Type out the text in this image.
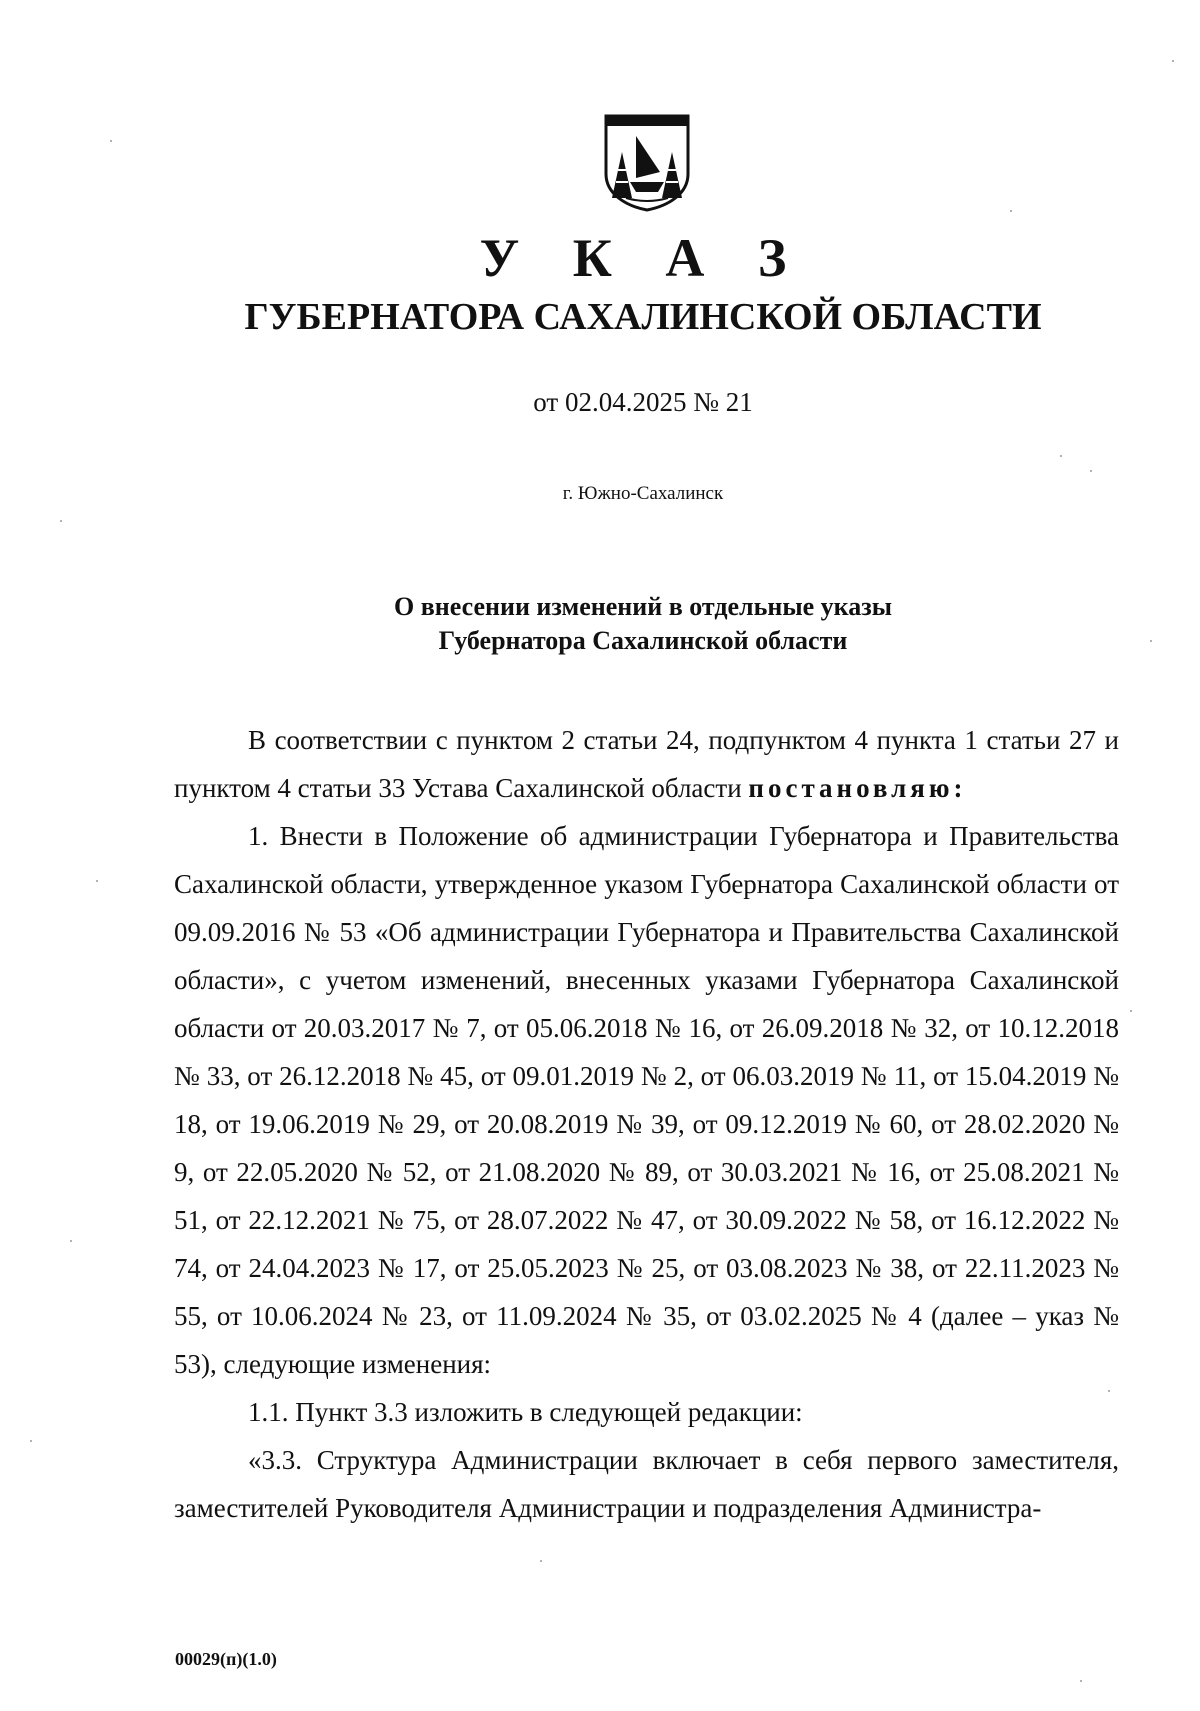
У К А З
ГУБЕРНАТОРА САХАЛИНСКОЙ ОБЛАСТИ
от 02.04.2025 № 21
г. Южно-Сахалинск
О внесении изменений в отдельные указы
Губернатора Сахалинской области

В соответствии с пунктом 2 статьи 24, подпунктом 4 пункта 1 статьи 27 и пунктом 4 статьи 33 Устава Сахалинской области постановляю:

1. Внести в Положение об администрации Губернатора и Правительства Сахалинской области, утвержденное указом Губернатора Сахалинской области от 09.09.2016 № 53 «Об администрации Губернатора и Правительства Сахалинской области», с учетом изменений, внесенных указами Губернатора Сахалинской области от 20.03.2017 № 7, от 05.06.2018 № 16, от 26.09.2018 № 32, от 10.12.2018 № 33, от 26.12.2018 № 45, от 09.01.2019 № 2, от 06.03.2019 № 11, от 15.04.2019 № 18, от 19.06.2019 № 29, от 20.08.2019 № 39, от 09.12.2019 № 60, от 28.02.2020 № 9, от 22.05.2020 № 52, от 21.08.2020 № 89, от 30.03.2021 № 16, от 25.08.2021 № 51, от 22.12.2021 № 75, от 28.07.2022 № 47, от 30.09.2022 № 58, от 16.12.2022 № 74, от 24.04.2023 № 17, от 25.05.2023 № 25, от 03.08.2023 № 38, от 22.11.2023 № 55, от 10.06.2024 № 23, от 11.09.2024 № 35, от 03.02.2025 № 4 (далее – указ № 53), следующие изменения:

1.1. Пункт 3.3 изложить в следующей редакции:

«3.3. Структура Администрации включает в себя первого заместителя, заместителей Руководителя Администрации и подразделения Администра-

00029(п)(1.0)
